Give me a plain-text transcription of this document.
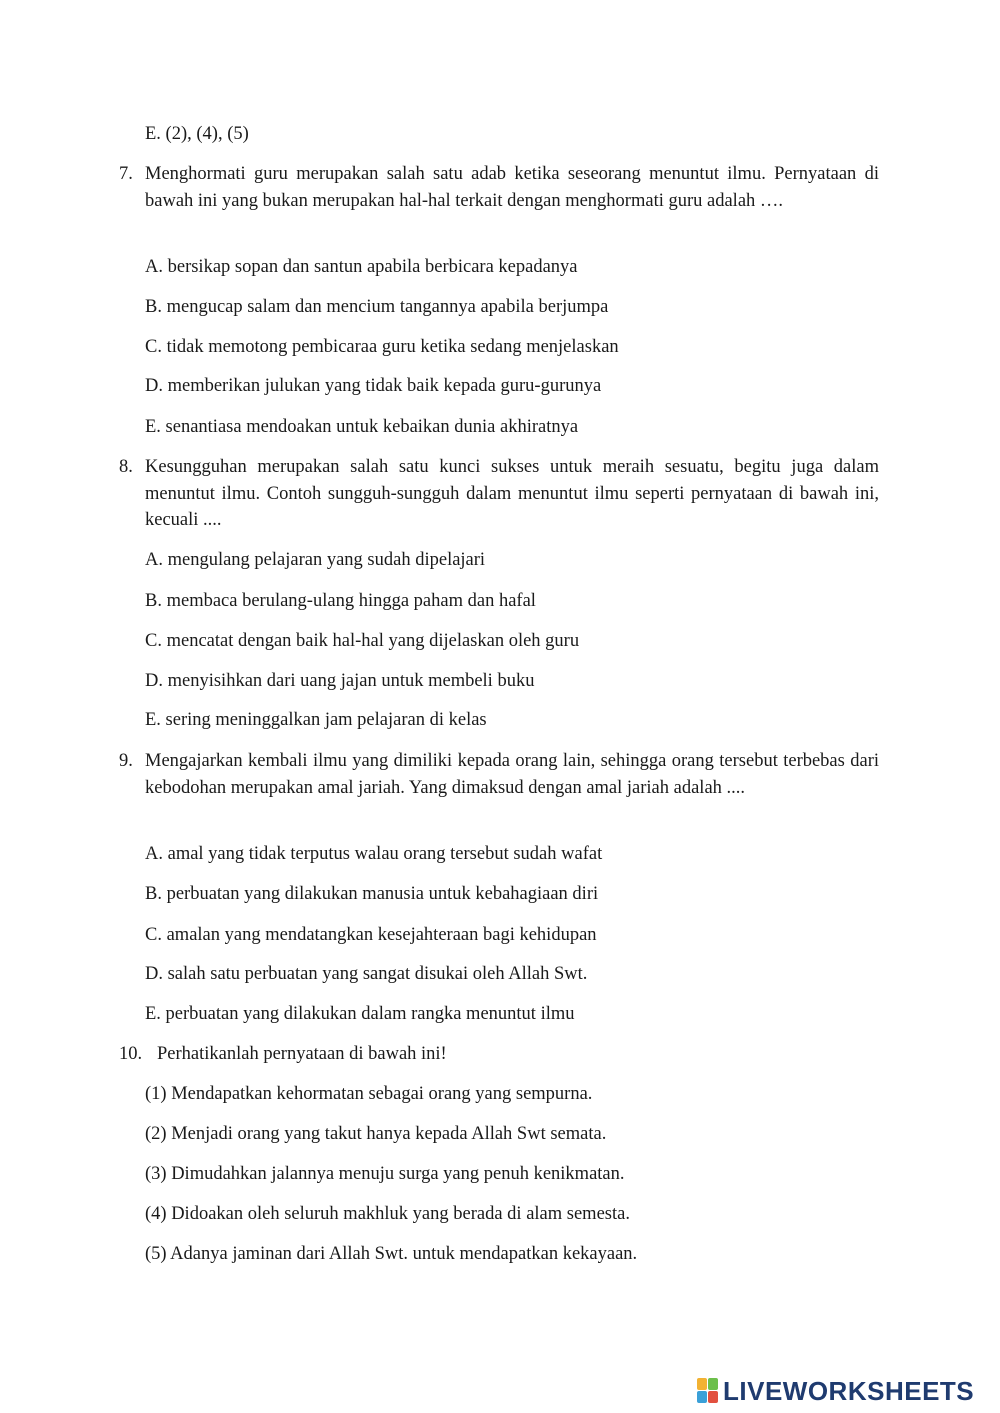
E. (2), (4), (5)
7. Menghormati guru merupakan salah satu adab ketika seseorang menuntut ilmu. Pernyataan di bawah ini yang bukan merupakan hal-hal terkait dengan menghormati guru adalah ….
A. bersikap sopan dan santun apabila berbicara kepadanya
B. mengucap salam dan mencium tangannya apabila berjumpa
C. tidak memotong pembicaraa guru ketika sedang menjelaskan
D. memberikan julukan yang tidak baik kepada guru-gurunya
E. senantiasa mendoakan untuk kebaikan dunia akhiratnya
8. Kesungguhan merupakan salah satu kunci sukses untuk meraih sesuatu, begitu juga dalam menuntut ilmu. Contoh sungguh-sungguh dalam menuntut ilmu seperti pernyataan di bawah ini, kecuali ....
A. mengulang pelajaran yang sudah dipelajari
B. membaca berulang-ulang hingga paham dan hafal
C. mencatat dengan baik hal-hal yang dijelaskan oleh guru
D. menyisihkan dari uang jajan untuk membeli buku
E. sering meninggalkan jam pelajaran di kelas
9. Mengajarkan kembali ilmu yang dimiliki kepada orang lain, sehingga orang tersebut terbebas dari kebodohan merupakan amal jariah. Yang dimaksud dengan amal jariah adalah ....
A. amal yang tidak terputus walau orang tersebut sudah wafat
B. perbuatan yang dilakukan manusia untuk kebahagiaan diri
C. amalan yang mendatangkan kesejahteraan bagi kehidupan
D. salah satu perbuatan yang sangat disukai oleh Allah Swt.
E. perbuatan yang dilakukan dalam rangka menuntut ilmu
10. Perhatikanlah pernyataan di bawah ini!
(1) Mendapatkan kehormatan sebagai orang yang sempurna.
(2) Menjadi orang yang takut hanya kepada Allah Swt semata.
(3) Dimudahkan jalannya menuju surga yang penuh kenikmatan.
(4) Didoakan oleh seluruh makhluk yang berada di alam semesta.
(5) Adanya jaminan dari Allah Swt. untuk mendapatkan kekayaan.
LIVEWORKSHEETS
